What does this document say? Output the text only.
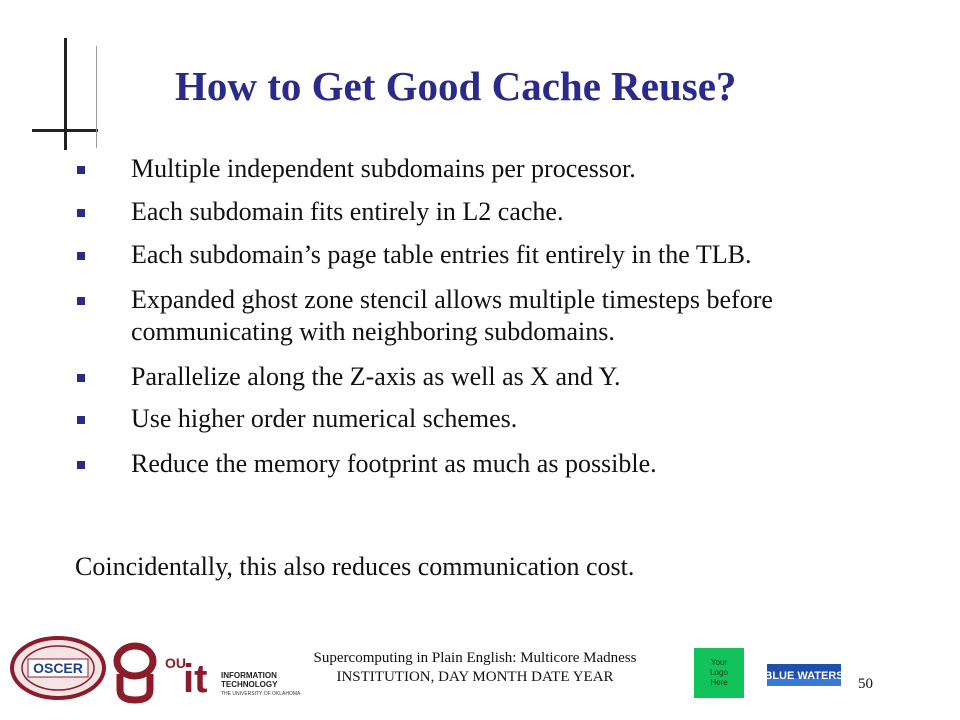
How to Get Good Cache Reuse?
Multiple independent subdomains per processor.
Each subdomain fits entirely in L2 cache.
Each subdomain’s page table entries fit entirely in the TLB.
Expanded ghost zone stencil allows multiple timesteps before communicating with neighboring subdomains.
Parallelize along the Z-axis as well as X and Y.
Use higher order numerical schemes.
Reduce the memory footprint as much as possible.

Coincidentally, this also reduces communication cost.

OSCER	OU
it INFORMATION
TECHNOLOGY
THE UNIVERSITY OF OKLAHOMA
Supercomputing in Plain English: Multicore Madness
INSTITUTION, DAY MONTH DATE YEAR
Your
Logo
Here
BLUE WATERS 50
